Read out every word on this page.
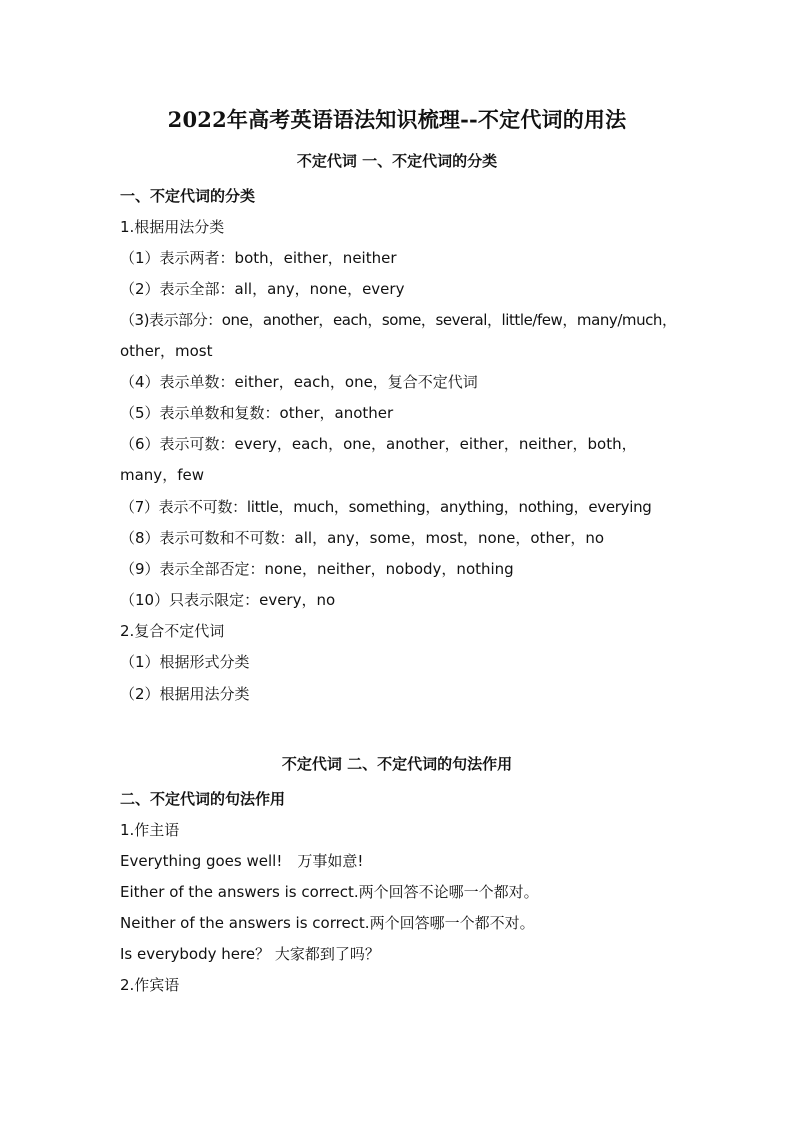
2022年高考英语语法知识梳理--不定代词的用法
不定代词 一、不定代词的分类
一、不定代词的分类
1.根据用法分类
（1）表示两者：both，either，neither
（2）表示全部：all，any，none，every
（3)表示部分：one，another，each，some，several，little/few，many/much，
other，most
（4）表示单数：either，each，one，复合不定代词
（5）表示单数和复数：other，another
（6）表示可数：every，each，one，another，either，neither，both，
many，few
（7）表示不可数：little，much，something，anything，nothing，everying
（8）表示可数和不可数：all，any，some，most，none，other，no
（9）表示全部否定：none，neither，nobody，nothing
（10）只表示限定：every，no
2.复合不定代词
（1）根据形式分类
（2）根据用法分类
不定代词 二、不定代词的句法作用
二、不定代词的句法作用
1.作主语
Everything goes well!　万事如意!
Either of the answers is correct.两个回答不论哪一个都对。
Neither of the answers is correct.两个回答哪一个都不对。
Is everybody here？ 大家都到了吗？
2.作宾语
